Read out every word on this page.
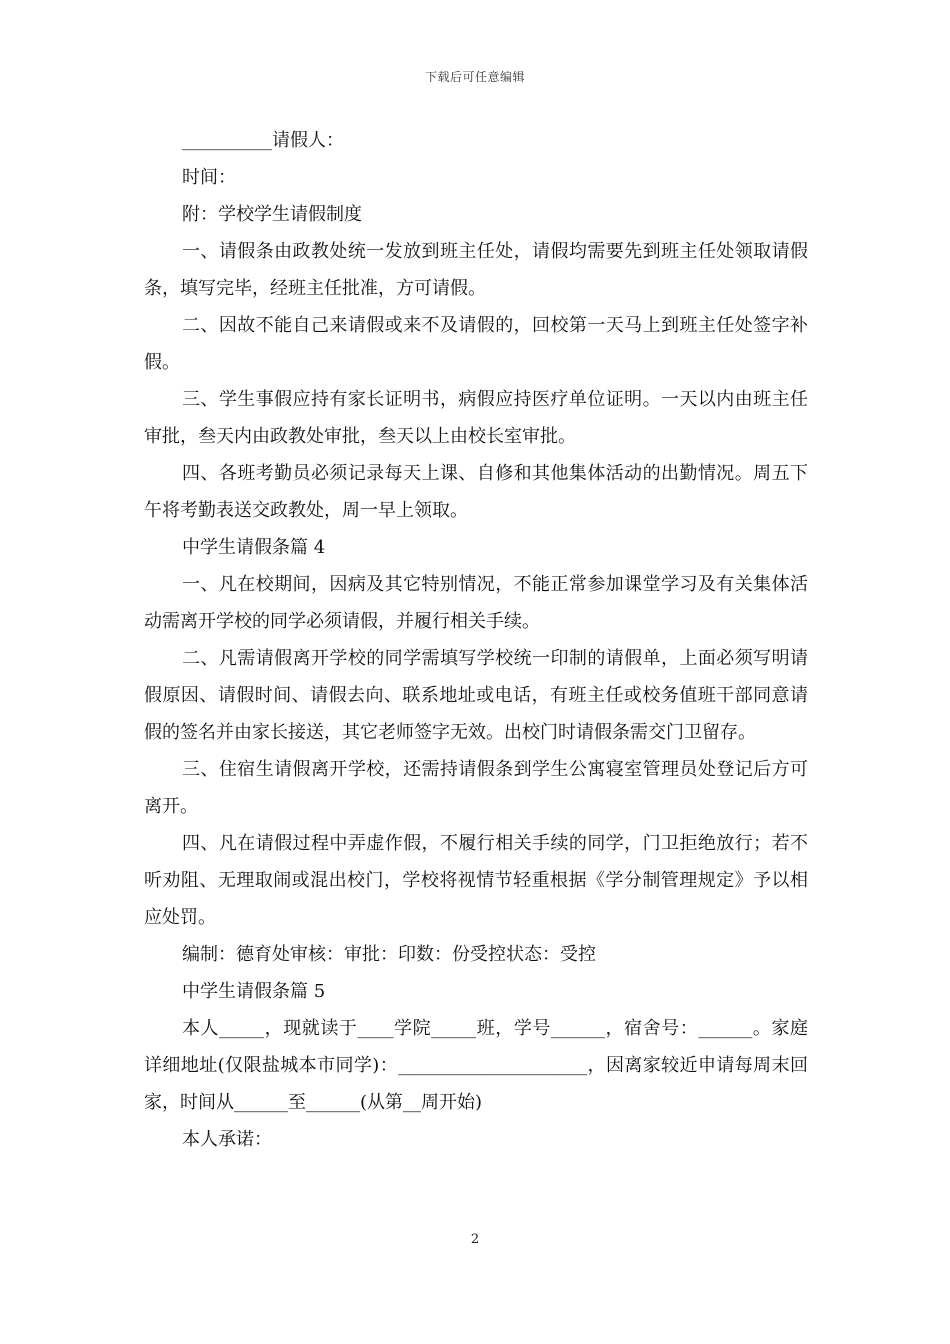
下载后可任意编辑

__________请假人：

时间：

附：学校学生请假制度

一、请假条由政教处统一发放到班主任处，请假均需要先到班主任处领取请假条，填写完毕，经班主任批准，方可请假。

二、因故不能自己来请假或来不及请假的，回校第一天马上到班主任处签字补假。

三、学生事假应持有家长证明书，病假应持医疗单位证明。一天以内由班主任审批，叁天内由政教处审批，叁天以上由校长室审批。

四、各班考勤员必须记录每天上课、自修和其他集体活动的出勤情况。周五下午将考勤表送交政教处，周一早上领取。

中学生请假条篇 4

一、凡在校期间，因病及其它特别情况，不能正常参加课堂学习及有关集体活动需离开学校的同学必须请假，并履行相关手续。

二、凡需请假离开学校的同学需填写学校统一印制的请假单，上面必须写明请假原因、请假时间、请假去向、联系地址或电话，有班主任或校务值班干部同意请假的签名并由家长接送，其它老师签字无效。出校门时请假条需交门卫留存。

三、住宿生请假离开学校，还需持请假条到学生公寓寝室管理员处登记后方可离开。

四、凡在请假过程中弄虚作假，不履行相关手续的同学，门卫拒绝放行；若不听劝阻、无理取闹或混出校门，学校将视情节轻重根据《学分制管理规定》予以相应处罚。

编制：德育处审核：审批：印数：份受控状态：受控

中学生请假条篇 5

本人_____，现就读于____学院_____班，学号______，宿舍号：______。家庭详细地址(仅限盐城本市同学)：_____________________，因离家较近申请每周末回家，时间从______至______(从第__周开始)

本人承诺：

2
